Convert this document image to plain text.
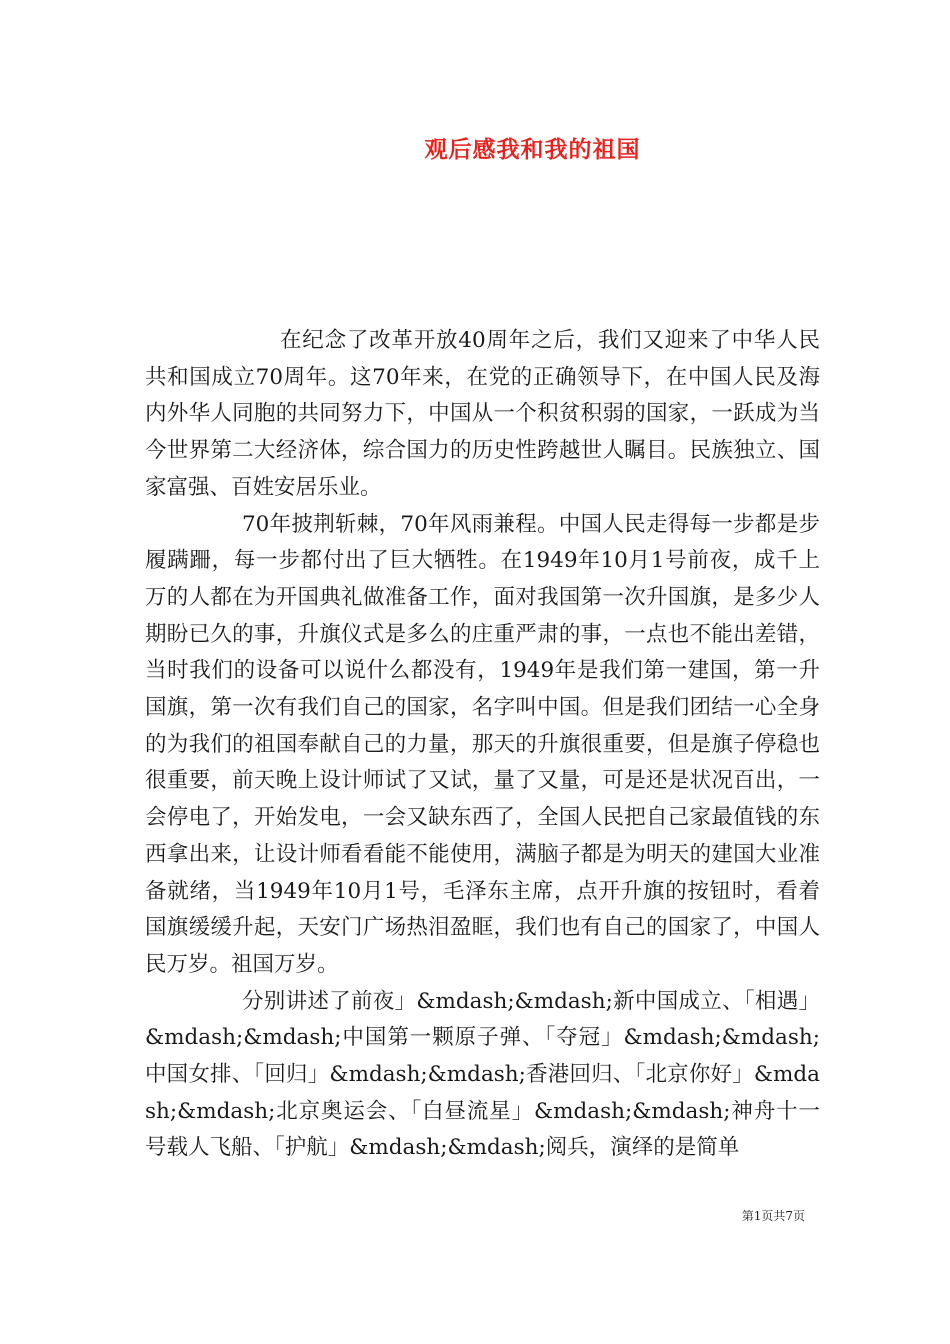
观后感我和我的祖国

在纪念了改革开放40周年之后，我们又迎来了中华人民共和国成立70周年。这70年来，在党的正确领导下，在中国人民及海内外华人同胞的共同努力下，中国从一个积贫积弱的国家，一跃成为当今世界第二大经济体，综合国力的历史性跨越世人瞩目。民族独立、国家富强、百姓安居乐业。

70年披荆斩棘，70年风雨兼程。中国人民走得每一步都是步履蹒跚，每一步都付出了巨大牺牲。在1949年10月1号前夜，成千上万的人都在为开国典礼做准备工作，面对我国第一次升国旗，是多少人期盼已久的事，升旗仪式是多么的庄重严肃的事，一点也不能出差错，当时我们的设备可以说什么都没有，1949年是我们第一建国，第一升国旗，第一次有我们自己的国家，名字叫中国。但是我们团结一心全身的为我们的祖国奉献自己的力量，那天的升旗很重要，但是旗子停稳也很重要，前天晚上设计师试了又试，量了又量，可是还是状况百出，一会停电了，开始发电，一会又缺东西了，全国人民把自己家最值钱的东西拿出来，让设计师看看能不能使用，满脑子都是为明天的建国大业准备就绪，当1949年10月1号，毛泽东主席，点开升旗的按钮时，看着国旗缓缓升起，天安门广场热泪盈眶，我们也有自己的国家了，中国人民万岁。祖国万岁。

分别讲述了前夜」&mdash;&mdash;新中国成立、「相遇」&mdash;&mdash;中国第一颗原子弹、「夺冠」&mdash;&mdash;中国女排、「回归」&mdash;&mdash;香港回归、「北京你好」&mdash;&mdash;北京奥运会、「白昼流星」&mdash;&mdash;神舟十一号载人飞船、「护航」&mdash;&mdash;阅兵，演绎的是简单

第1页共7页
